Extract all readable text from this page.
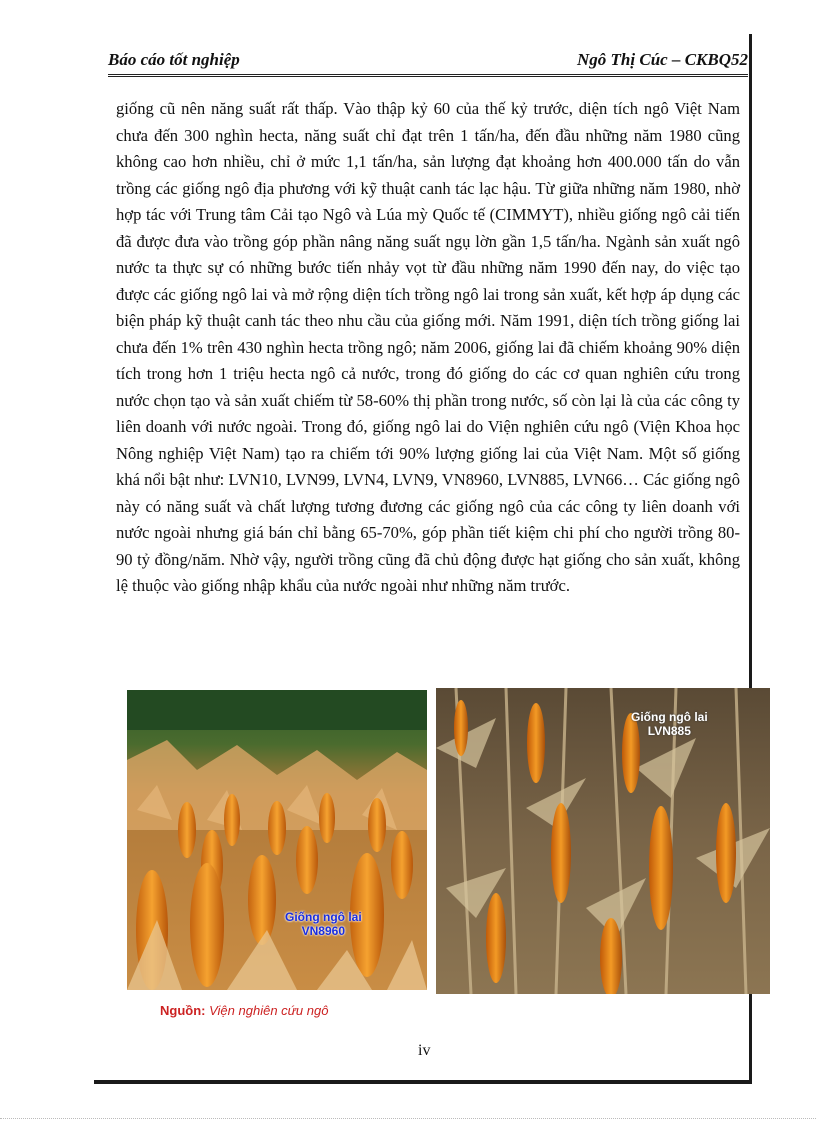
Báo cáo tốt nghiệp	Ngô Thị Cúc – CKBQ52

giống cũ nên năng suất rất thấp. Vào thập kỷ 60 của thế kỷ trước, diện tích ngô Việt Nam chưa đến 300 nghìn hecta, năng suất chỉ đạt trên 1 tấn/ha, đến đầu những năm 1980 cũng không cao hơn nhiều, chỉ ở mức 1,1 tấn/ha, sản lượng đạt khoảng hơn 400.000 tấn do vẫn trồng các giống ngô địa phương với kỹ thuật canh tác lạc hậu. Từ giữa những năm 1980, nhờ hợp tác với Trung tâm Cải tạo Ngô và Lúa mỳ Quốc tế (CIMMYT), nhiều giống ngô cải tiến đã được đưa vào trồng góp phần nâng năng suất ngụ lờn gần 1,5 tấn/ha. Ngành sản xuất ngô nước ta thực sự có những bước tiến nhảy vọt từ đầu những năm 1990 đến nay, do việc tạo được các giống ngô lai và mở rộng diện tích trồng ngô lai trong sản xuất, kết hợp áp dụng các biện pháp kỹ thuật canh tác theo nhu cầu của giống mới. Năm 1991, diện tích trồng giống lai chưa đến 1% trên 430 nghìn hecta trồng ngô; năm 2006, giống lai đã chiếm khoảng 90% diện tích trong hơn 1 triệu hecta ngô cả nước, trong đó giống do các cơ quan nghiên cứu trong nước chọn tạo và sản xuất chiếm từ 58-60% thị phần trong nước, số còn lại là của các công ty liên doanh với nước ngoài. Trong đó, giống ngô lai do Viện nghiên cứu ngô (Viện Khoa học Nông nghiệp Việt Nam) tạo ra chiếm tới 90% lượng giống lai của Việt Nam. Một số giống khá nổi bật như: LVN10, LVN99, LVN4, LVN9, VN8960, LVN885, LVN66… Các giống ngô này có năng suất và chất lượng tương đương các giống ngô của các công ty liên doanh với nước ngoài nhưng giá bán chỉ bằng 65-70%, góp phần tiết kiệm chi phí cho người trồng 80-90 tỷ đồng/năm. Nhờ vậy, người trồng cũng đã chủ động được hạt giống cho sản xuất, không lệ thuộc vào giống nhập khẩu của nước ngoài như những năm trước.

Giống ngô lai
VN8960
Giống ngô lai
LVN885
Nguồn: Viện nghiên cứu ngô
iv
